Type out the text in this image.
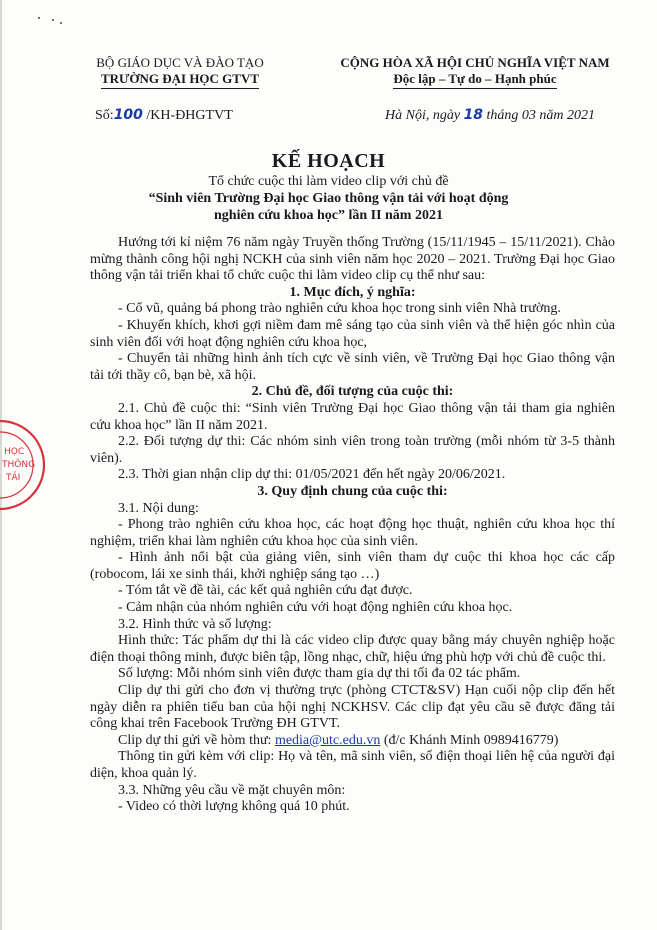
BỘ GIÁO DỤC VÀ ĐÀO TẠO
TRƯỜNG ĐẠI HỌC GTVT
CỘNG HÒA XÃ HỘI CHỦ NGHĨA VIỆT NAM
Độc lập – Tự do – Hạnh phúc
Số:100 /KH-ĐHGTVT	Hà Nội, ngày 18 tháng 03 năm 2021
KẾ HOẠCH
Tổ chức cuộc thi làm video clip với chủ đề
“Sinh viên Trường Đại học Giao thông vận tải với hoạt động
nghiên cứu khoa học” lần II năm 2021

Hướng tới kỉ niệm 76 năm ngày Truyền thống Trường (15/11/1945 – 15/11/2021). Chào mừng thành công hội nghị NCKH của sinh viên năm học 2020 – 2021. Trường Đại học Giao thông vận tải triển khai tổ chức cuộc thi làm video clip cụ thể như sau:

1. Mục đích, ý nghĩa:

- Cổ vũ, quảng bá phong trào nghiên cứu khoa học trong sinh viên Nhà trường.

- Khuyến khích, khơi gợi niềm đam mê sáng tạo của sinh viên và thể hiện góc nhìn của sinh viên đối với hoạt động nghiên cứu khoa học,

- Chuyển tải những hình ảnh tích cực về sinh viên, về Trường Đại học Giao thông vận tải tới thầy cô, bạn bè, xã hội.

2. Chủ đề, đối tượng của cuộc thi:

2.1. Chủ đề cuộc thi: “Sinh viên Trường Đại học Giao thông vận tải tham gia nghiên cứu khoa học” lần II năm 2021.

2.2. Đối tượng dự thi: Các nhóm sinh viên trong toàn trường (mỗi nhóm từ 3-5 thành viên).

2.3. Thời gian nhận clip dự thi: 01/05/2021 đến hết ngày 20/06/2021.

3. Quy định chung của cuộc thi:

3.1. Nội dung:

- Phong trào nghiên cứu khoa học, các hoạt động học thuật, nghiên cứu khoa học thí nghiệm, triển khai làm nghiên cứu khoa học của sinh viên.

- Hình ảnh nổi bật của giảng viên, sinh viên tham dự cuộc thi khoa học các cấp (robocom, lái xe sinh thái, khởi nghiệp sáng tạo …)

- Tóm tắt về đề tài, các kết quả nghiên cứu đạt được.

- Cảm nhận của nhóm nghiên cứu với hoạt động nghiên cứu khoa học.

3.2. Hình thức và số lượng:

Hình thức: Tác phẩm dự thi là các video clip được quay bằng máy chuyên nghiệp hoặc điện thoại thông minh, được biên tập, lồng nhạc, chữ, hiệu ứng phù hợp với chủ đề cuộc thi.

Số lượng: Mỗi nhóm sinh viên được tham gia dự thi tối đa 02 tác phẩm.

Clip dự thi gửi cho đơn vị thường trực (phòng CTCT&SV) Hạn cuối nộp clip đến hết ngày diễn ra phiên tiểu ban của hội nghị NCKHSV. Các clip đạt yêu cầu sẽ được đăng tải công khai trên Facebook Trường ĐH GTVT.

Clip dự thi gửi về hòm thư: media@utc.edu.vn (đ/c Khánh Minh 0989416779)

Thông tin gửi kèm với clip: Họ và tên, mã sinh viên, số điện thoại liên hệ của người đại diện, khoa quản lý.

3.3. Những yêu cầu về mặt chuyên môn:

- Video có thời lượng không quá 10 phút.

HỌC
THÔNG
TẢI
